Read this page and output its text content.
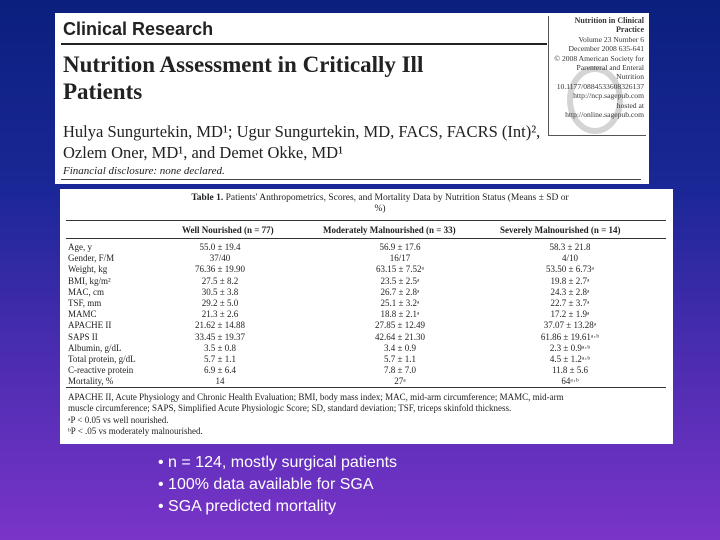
Clinical Research
Nutrition Assessment in Critically Ill Patients
Hulya Sungurtekin, MD¹; Ugur Sungurtekin, MD, FACS, FACRS (Int)²,
Ozlem Oner, MD¹, and Demet Okke, MD¹
Financial disclosure: none declared.
Nutrition in Clinical Practice
Volume 23 Number 6
December 2008 635-641
© 2008 American Society for
Parenteral and Enteral Nutrition
10.1177/0884533608326137
http://ncp.sagepub.com
hosted at
http://online.sagepub.com
Table 1. Patients' Anthropometrics, Scores, and Mortality Data by Nutrition Status (Means ± SD or %)
Well Nourished (n = 77)	Moderately Malnourished (n = 33)	Severely Malnourished (n = 14)
Age, y	55.0 ± 19.4	56.9 ± 17.6	58.3 ± 21.8
Gender, F/M	37/40	16/17	4/10
Weight, kg	76.36 ± 19.90	63.15 ± 7.52ᵃ	53.50 ± 6.73ᵃ
BMI, kg/m²	27.5 ± 8.2	23.5 ± 2.5ᵃ	19.8 ± 2.7ᵃ
MAC, cm	30.5 ± 3.8	26.7 ± 2.8ᵃ	24.3 ± 2.8ᵃ
TSF, mm	29.2 ± 5.0	25.1 ± 3.2ᵃ	22.7 ± 3.7ᵃ
MAMC	21.3 ± 2.6	18.8 ± 2.1ᵃ	17.2 ± 1.9ᵃ
APACHE II	21.62 ± 14.88	27.85 ± 12.49	37.07 ± 13.28ᵃ
SAPS II	33.45 ± 19.37	42.64 ± 21.30	61.86 ± 19.61ᵃ·ᵇ
Albumin, g/dL	3.5 ± 0.8	3.4 ± 0.9	2.3 ± 0.9ᵃ·ᵇ
Total protein, g/dL	5.7 ± 1.1	5.7 ± 1.1	4.5 ± 1.2ᵃ·ᵇ
C-reactive protein	6.9 ± 6.4	7.8 ± 7.0	11.8 ± 5.6
Mortality, %	14	27ᵃ	64ᵃ·ᵇ
APACHE II, Acute Physiology and Chronic Health Evaluation; BMI, body mass index; MAC, mid-arm circumference; MAMC, mid-arm
muscle circumference; SAPS, Simplified Acute Physiologic Score; SD, standard deviation; TSF, triceps skinfold thickness.
ᵃP < 0.05 vs well nourished.
ᵇP < .05 vs moderately malnourished.
• n = 124, mostly surgical patients
• 100% data available for SGA
• SGA predicted mortality
